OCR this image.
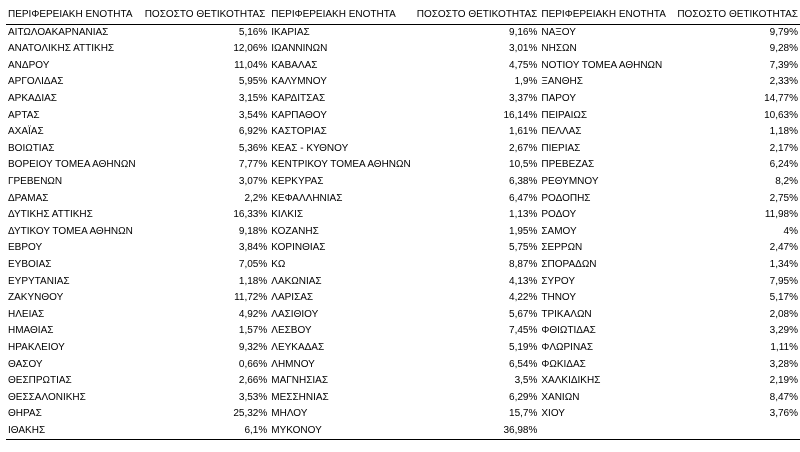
ΠΕΡΙΦΕΡΕΙΑΚΗ ΕΝΟΤΗΤΑ	ΠΟΣΟΣΤΟ ΘΕΤΙΚΟΤΗΤΑΣ	ΠΕΡΙΦΕΡΕΙΑΚΗ ΕΝΟΤΗΤΑ	ΠΟΣΟΣΤΟ ΘΕΤΙΚΟΤΗΤΑΣ	ΠΕΡΙΦΕΡΕΙΑΚΗ ΕΝΟΤΗΤΑ	ΠΟΣΟΣΤΟ ΘΕΤΙΚΟΤΗΤΑΣ
ΑΙΤΩΛΟΑΚΑΡΝΑΝΙΑΣ	5,16%	ΙΚΑΡΙΑΣ	9,16%	ΝΑΞΟΥ	9,79%
ΑΝΑΤΟΛΙΚΗΣ ΑΤΤΙΚΗΣ	12,06%	ΙΩΑΝΝΙΝΩΝ	3,01%	ΝΗΣΩΝ	9,28%
ΑΝΔΡΟΥ	11,04%	ΚΑΒΑΛΑΣ	4,75%	ΝΟΤΙΟΥ ΤΟΜΕΑ ΑΘΗΝΩΝ	7,39%
ΑΡΓΟΛΙΔΑΣ	5,95%	ΚΑΛΥΜΝΟΥ	1,9%	ΞΑΝΘΗΣ	2,33%
ΑΡΚΑΔΙΑΣ	3,15%	ΚΑΡΔΙΤΣΑΣ	3,37%	ΠΑΡΟΥ	14,77%
ΑΡΤΑΣ	3,54%	ΚΑΡΠΑΘΟΥ	16,14%	ΠΕΙΡΑΙΩΣ	10,63%
ΑΧΑΪΑΣ	6,92%	ΚΑΣΤΟΡΙΑΣ	1,61%	ΠΕΛΛΑΣ	1,18%
ΒΟΙΩΤΙΑΣ	5,36%	ΚΕΑΣ - ΚΥΘΝΟΥ	2,67%	ΠΙΕΡΙΑΣ	2,17%
ΒΟΡΕΙΟΥ ΤΟΜΕΑ ΑΘΗΝΩΝ	7,77%	ΚΕΝΤΡΙΚΟΥ ΤΟΜΕΑ ΑΘΗΝΩΝ	10,5%	ΠΡΕΒΕΖΑΣ	6,24%
ΓΡΕΒΕΝΩΝ	3,07%	ΚΕΡΚΥΡΑΣ	6,38%	ΡΕΘΥΜΝΟΥ	8,2%
ΔΡΑΜΑΣ	2,2%	ΚΕΦΑΛΛΗΝΙΑΣ	6,47%	ΡΟΔΟΠΗΣ	2,75%
ΔΥΤΙΚΗΣ ΑΤΤΙΚΗΣ	16,33%	ΚΙΛΚΙΣ	1,13%	ΡΟΔΟΥ	11,98%
ΔΥΤΙΚΟΥ ΤΟΜΕΑ ΑΘΗΝΩΝ	9,18%	ΚΟΖΑΝΗΣ	1,95%	ΣΑΜΟΥ	4%
ΕΒΡΟΥ	3,84%	ΚΟΡΙΝΘΙΑΣ	5,75%	ΣΕΡΡΩΝ	2,47%
ΕΥΒΟΙΑΣ	7,05%	ΚΩ	8,87%	ΣΠΟΡΑΔΩΝ	1,34%
ΕΥΡΥΤΑΝΙΑΣ	1,18%	ΛΑΚΩΝΙΑΣ	4,13%	ΣΥΡΟΥ	7,95%
ΖΑΚΥΝΘΟΥ	11,72%	ΛΑΡΙΣΑΣ	4,22%	ΤΗΝΟΥ	5,17%
ΗΛΕΙΑΣ	4,92%	ΛΑΣΙΘΙΟΥ	5,67%	ΤΡΙΚΑΛΩΝ	2,08%
ΗΜΑΘΙΑΣ	1,57%	ΛΕΣΒΟΥ	7,45%	ΦΘΙΩΤΙΔΑΣ	3,29%
ΗΡΑΚΛΕΙΟΥ	9,32%	ΛΕΥΚΑΔΑΣ	5,19%	ΦΛΩΡΙΝΑΣ	1,11%
ΘΑΣΟΥ	0,66%	ΛΗΜΝΟΥ	6,54%	ΦΩΚΙΔΑΣ	3,28%
ΘΕΣΠΡΩΤΙΑΣ	2,66%	ΜΑΓΝΗΣΙΑΣ	3,5%	ΧΑΛΚΙΔΙΚΗΣ	2,19%
ΘΕΣΣΑΛΟΝΙΚΗΣ	3,53%	ΜΕΣΣΗΝΙΑΣ	6,29%	ΧΑΝΙΩΝ	8,47%
ΘΗΡΑΣ	25,32%	ΜΗΛΟΥ	15,7%	ΧΙΟΥ	3,76%
ΙΘΑΚΗΣ	6,1%	ΜΥΚΟΝΟΥ	36,98%		
